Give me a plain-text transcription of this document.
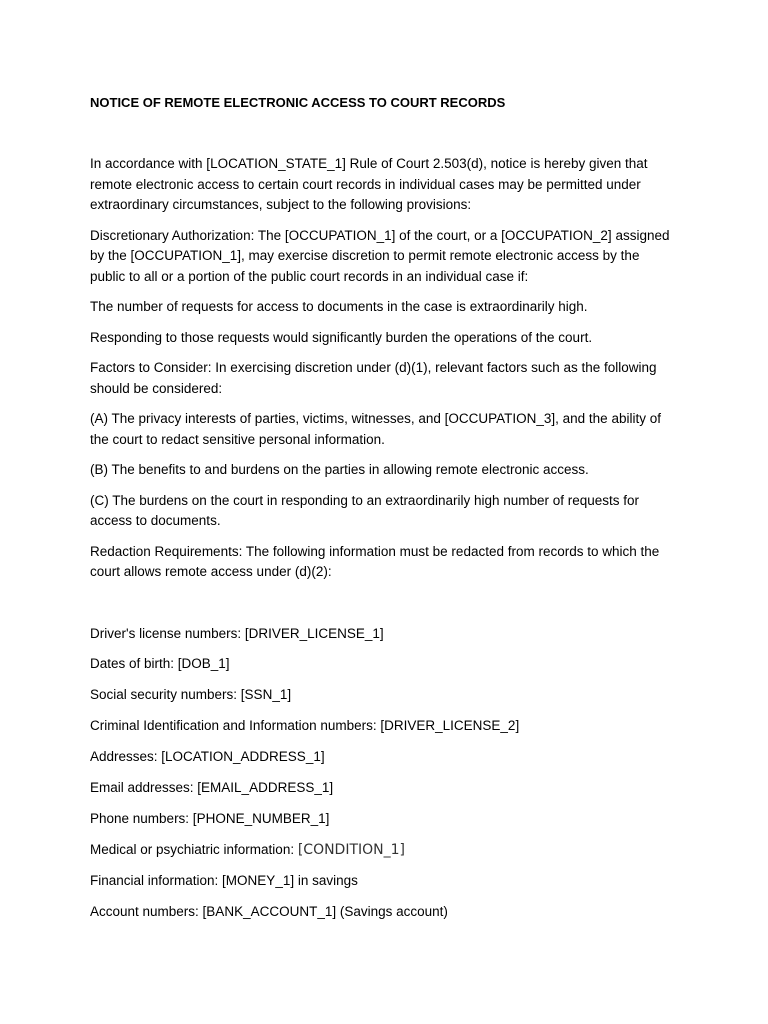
NOTICE OF REMOTE ELECTRONIC ACCESS TO COURT RECORDS

In accordance with [LOCATION_STATE_1] Rule of Court 2.503(d), notice is hereby given that remote electronic access to certain court records in individual cases may be permitted under extraordinary circumstances, subject to the following provisions:

Discretionary Authorization: The [OCCUPATION_1] of the court, or a [OCCUPATION_2] assigned by the [OCCUPATION_1], may exercise discretion to permit remote electronic access by the public to all or a portion of the public court records in an individual case if:

The number of requests for access to documents in the case is extraordinarily high.

Responding to those requests would significantly burden the operations of the court.

Factors to Consider: In exercising discretion under (d)(1), relevant factors such as the following should be considered:

(A) The privacy interests of parties, victims, witnesses, and [OCCUPATION_3], and the ability of the court to redact sensitive personal information.

(B) The benefits to and burdens on the parties in allowing remote electronic access.

(C) The burdens on the court in responding to an extraordinarily high number of requests for access to documents.

Redaction Requirements: The following information must be redacted from records to which the court allows remote access under (d)(2):

Driver's license numbers: [DRIVER_LICENSE_1]
Dates of birth: [DOB_1]
Social security numbers: [SSN_1]
Criminal Identification and Information numbers: [DRIVER_LICENSE_2]
Addresses: [LOCATION_ADDRESS_1]
Email addresses: [EMAIL_ADDRESS_1]
Phone numbers: [PHONE_NUMBER_1]
Medical or psychiatric information: [CONDITION_1]
Financial information: [MONEY_1] in savings
Account numbers: [BANK_ACCOUNT_1] (Savings account)
